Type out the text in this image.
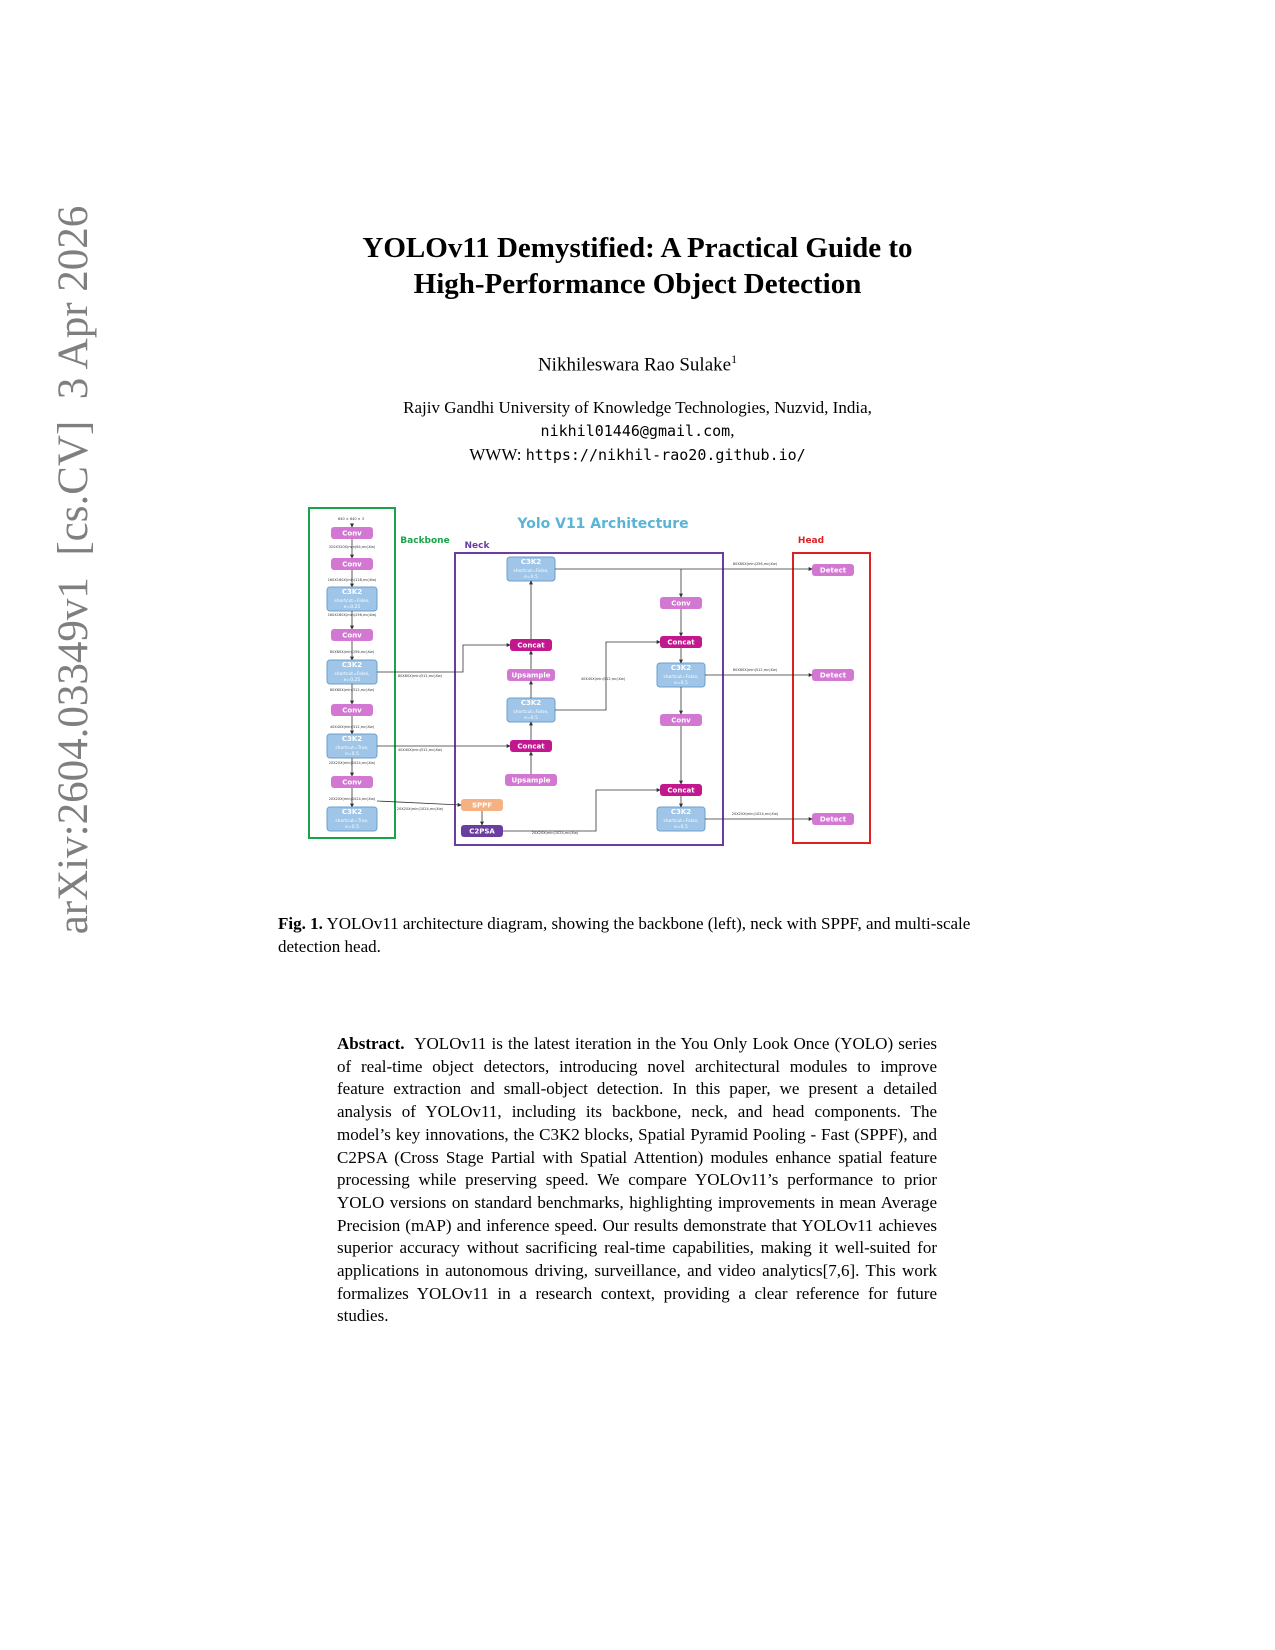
arXiv:2604.03349v1  [cs.CV]  3 Apr 2026	YOLOv11 Demystified: A Practical Guide to
High-Performance Object Detection
Nikhileswara Rao Sulake$^1$
Rajiv Gandhi University of Knowledge Technologies, Nuzvid, India,
nikhil01446@gmail.com,
WWW: https://nikhil-rao20.github.io/
Yolo V11 Architecture
Backbone Neck	Head
640 × 640 × 3
Conv
Conv
C3K2
shortcut=False,
e=0.25
Conv
C3K2
shortcut=False,
e=0.25
Conv
C3K2
shortcut=True,
e=0.5
Conv
C3K2
shortcut=True,
e=0.5
320X320X(min(64,mc)Xw)
160X160X(min(128,mc)Xw)
160X160X(min(256,mc)Xw)
80X80X(min(256,mc)Xw)
80X80X(min(512,mc)Xw)
40X40X(min(512,mc)Xw)
20X20X(min(1024,mc)Xw)
20X20X(min(1024,mc)Xw)
C3K2
shortcut=False,
e=0.5
Concat
Upsample
C3K2
shortcut=False,
e=0.5
Concat
Upsample
SPPF
C2PSA
Conv
Concat
C3K2
shortcut=False,
e=0.5
Conv
Concat
C3K2
shortcut=False,
e=0.5
Detect
Detect
Detect
80X80X(min(512,mc)Xw)
40X40X(min(512,mc)Xw)
20X20X(min(1024,mc)Xw)
80X80X(min(256,mc)Xw)
80X80X(min(512,mc)Xw)
20X20X(min(1024,mc)Xw)
40X40X(min(512,mc)Xw)
20X20X(min(1024,mc)Xw)
Fig. 1. YOLOv11 architecture diagram, showing the backbone (left), neck with SPPF, and multi-scale detection head.
Abstract. YOLOv11 is the latest iteration in the You Only Look Once (YOLO) series of real-time object detectors, introducing novel architectural modules to improve feature extraction and small-object detection. In this paper, we present a detailed analysis of YOLOv11, including its backbone, neck, and head components. The model’s key innovations, the C3K2 blocks, Spatial Pyramid Pooling - Fast (SPPF), and C2PSA (Cross Stage Partial with Spatial Attention) modules enhance spatial feature processing while preserving speed. We compare YOLOv11’s performance to prior YOLO versions on standard benchmarks, highlighting improvements in mean Average Precision (mAP) and inference speed. Our results demonstrate that YOLOv11 achieves superior accuracy without sacrificing real-time capabilities, making it well-suited for applications in autonomous driving, surveillance, and video analytics[7,6]. This work formalizes YOLOv11 in a research context, providing a clear reference for future studies.
